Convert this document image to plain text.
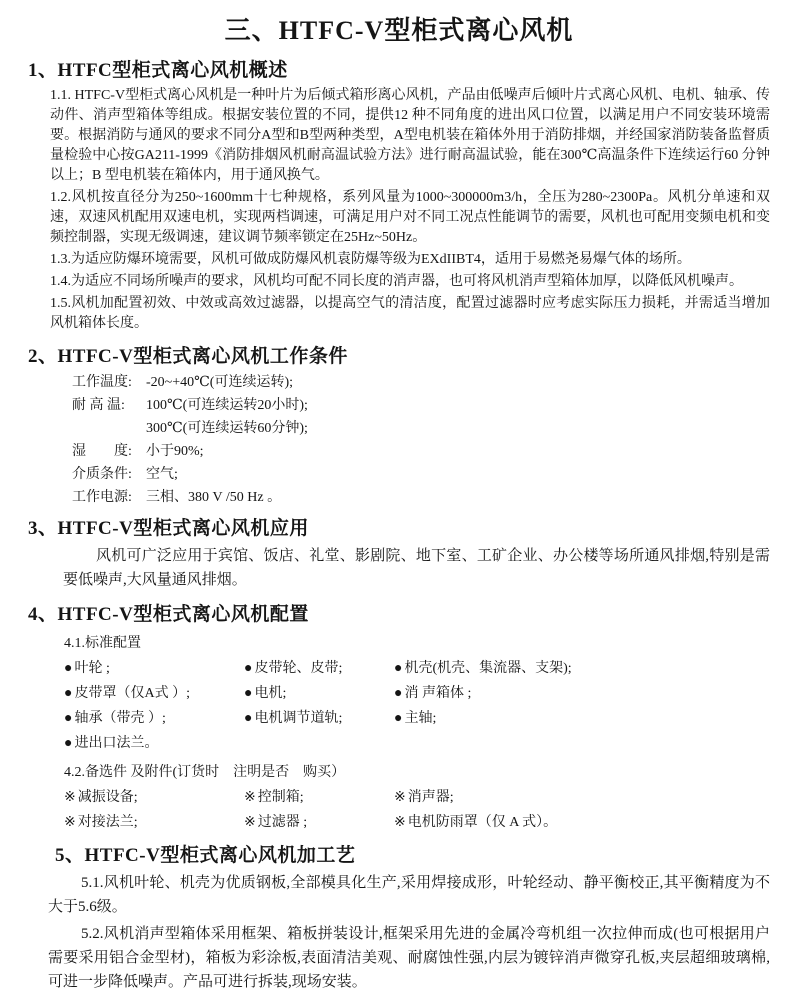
三、HTFC-V型柜式离心风机
1、HTFC型柜式离心风机概述

1.1. HTFC-V型柜式离心风机是一种叶片为后倾式箱形离心风机，产品由低噪声后倾叶片式离心风机、电机、轴承、传动件、消声型箱体等组成。根据安装位置的不同，提供12 种不同角度的进出风口位置，以满足用户不同安装环境需要。根据消防与通风的要求不同分A型和B型两种类型，A型电机装在箱体外用于消防排烟，并经国家消防装备监督质量检验中心按GA211-1999《消防排烟风机耐高温试验方法》进行耐高温试验，能在300℃高温条件下连续运行60 分钟以上；B 型电机装在箱体内，用于通风换气。

1.2.风机按直径分为250~1600mm十七种规格，系列风量为1000~300000m3/h，全压为280~2300Pa。风机分单速和双速，双速风机配用双速电机，实现两档调速，可满足用户对不同工况点性能调节的需要，风机也可配用变频电机和变频控制器，实现无级调速，建议调节频率锁定在25Hz~50Hz。

1.3.为适应防爆环境需要，风机可做成防爆风机袁防爆等级为EXdIIBT4，适用于易燃尧易爆气体的场所。

1.4.为适应不同场所噪声的要求，风机均可配不同长度的消声器，也可将风机消声型箱体加厚，以降低风机噪声。

1.5.风机加配置初效、中效或高效过滤器，以提高空气的清洁度，配置过滤器时应考虑实际压力损耗，并需适当增加风机箱体长度。

2、HTFC-V型柜式离心风机工作条件
工作温度:	-20~+40℃(可连续运转);
耐 高 温:	100℃(可连续运转20小时);
300℃(可连续运转60分钟);
湿　　度:	小于90%;
介质条件:	空气;
工作电源:	三相、380 V /50 Hz 。
3、HTFC-V型柜式离心风机应用

风机可广泛应用于宾馆、饭店、礼堂、影剧院、地下室、工矿企业、办公楼等场所通风排烟,特别是需要低噪声,大风量通风排烟。

4、HTFC-V型柜式离心风机配置

4.1.标准配置

● 叶轮 ;	● 皮带轮、皮带;	● 机壳(机壳、集流器、支架);
● 皮带罩（仅A式 ）;	● 电机;	● 消 声箱体 ;
● 轴承（带壳 ）;	● 电机调节道轨;	● 主轴;
● 进出口法兰。

4.2.备选件 及附件(订货时　注明是否　购买）

※ 减振设备;	※ 控制箱;	※ 消声器;
※ 对接法兰;	※ 过滤器 ;	※ 电机防雨罩（仅 A 式）。
5、HTFC-V型柜式离心风机加工艺

5.1.风机叶轮、机壳为优质钢板,全部模具化生产,采用焊接成形，叶轮经动、静平衡校正,其平衡精度为不大于5.6级。

5.2.风机消声型箱体采用框架、箱板拼装设计,框架采用先进的金属冷弯机组一次拉伸而成(也可根据用户需要采用铝合金型材)，箱板为彩涂板,表面清洁美观、耐腐蚀性强,内层为镀锌消声微穿孔板,夹层超细玻璃棉,可进一步降低噪声。产品可进行拆装,现场安装。
